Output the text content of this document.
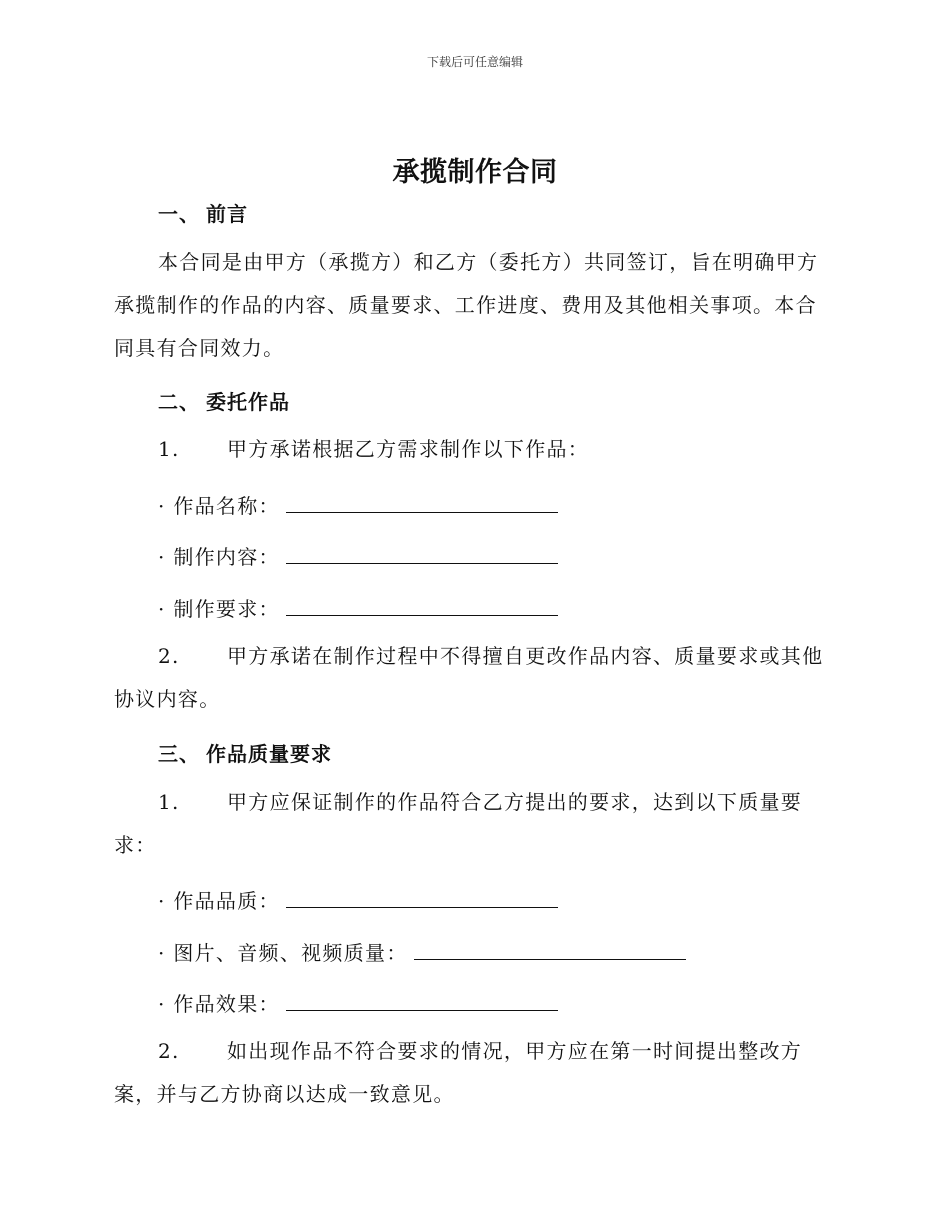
下载后可任意编辑
承揽制作合同
一、 前言

本合同是由甲方（承揽方）和乙方（委托方）共同签订，旨在明确甲方承揽制作的作品的内容、质量要求、工作进度、费用及其他相关事项。本合同具有合同效力。

二、 委托作品

1. 甲方承诺根据乙方需求制作以下作品：

· 作品名称：
· 制作内容：
· 制作要求：

2. 甲方承诺在制作过程中不得擅自更改作品内容、质量要求或其他协议内容。

三、 作品质量要求

1. 甲方应保证制作的作品符合乙方提出的要求，达到以下质量要求：

· 作品品质：
· 图片、音频、视频质量：
· 作品效果：

2. 如出现作品不符合要求的情况，甲方应在第一时间提出整改方案，并与乙方协商以达成一致意见。
